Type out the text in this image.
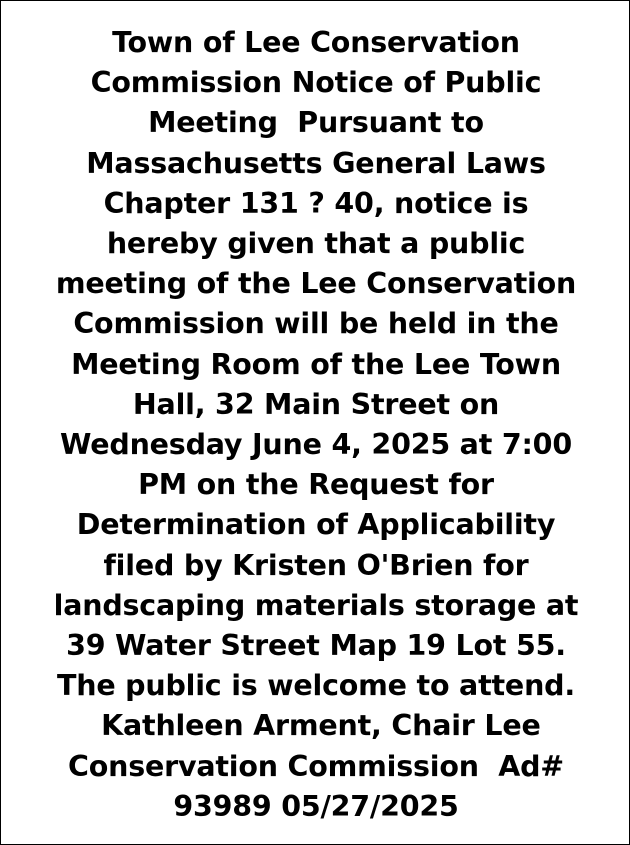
Town of Lee Conservation
Commission Notice of Public
Meeting  Pursuant to
Massachusetts General Laws
Chapter 131 ? 40, notice is
hereby given that a public
meeting of the Lee Conservation
Commission will be held in the
Meeting Room of the Lee Town
Hall, 32 Main Street on
Wednesday June 4, 2025 at 7:00
PM on the Request for
Determination of Applicability
filed by Kristen O'Brien for
landscaping materials storage at
39 Water Street Map 19 Lot 55.
The public is welcome to attend.
Kathleen Arment, Chair Lee
Conservation Commission  Ad#
93989 05/27/2025
